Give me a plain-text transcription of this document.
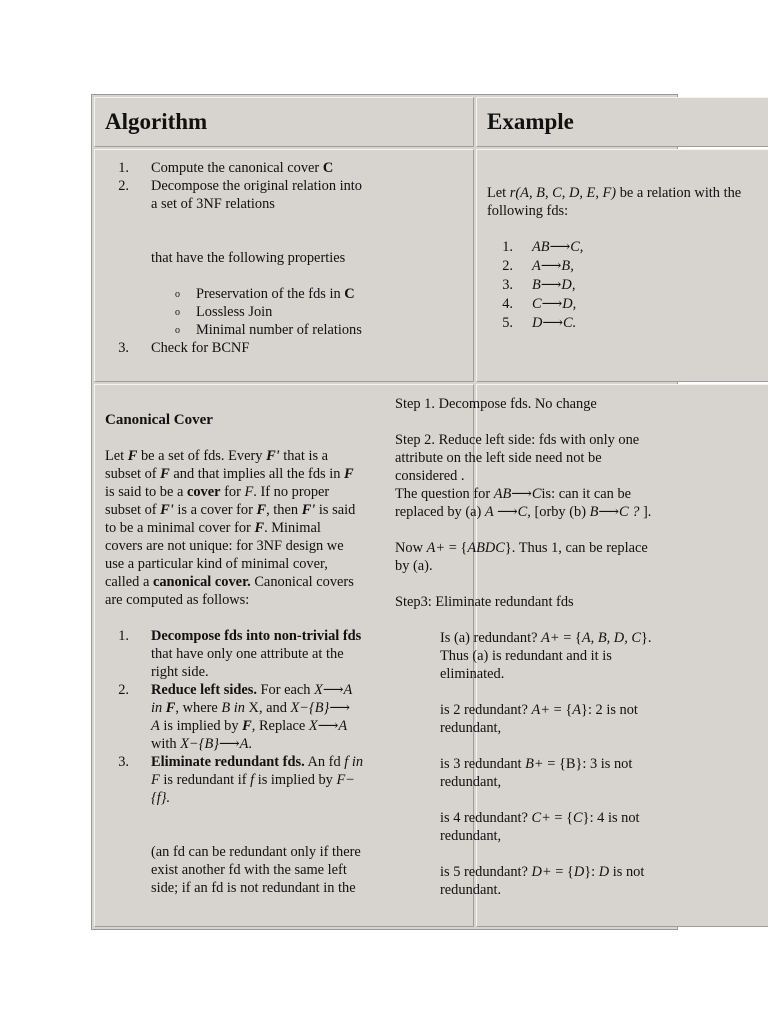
Algorithm	Example
1. Compute the canonical cover C

2. Decompose the original relation into

a set of 3NF relations

that have the following properties

o Preservation of the fds in C

o Lossless Join

o Minimal number of relations

3. Check for BCNF

Let r(A, B, C, D, E, F) be a relation with the

following fds:

1. AB⟶C,

2. A⟶B,

3. B⟶D,

4. C⟶D,

5. D⟶C.

Canonical Cover

Let F be a set of fds. Every F' that is a

subset of F and that implies all the fds in F

is said to be a cover for F. If no proper

subset of F' is a cover for F, then F' is said

to be a minimal cover for F. Minimal

covers are not unique: for 3NF design we

use a particular kind of minimal cover,

called a canonical cover. Canonical covers

are computed as follows:

1. Decompose fds into non-trivial fds

that have only one attribute at the

right side.

2. Reduce left sides. For each X⟶A

in F, where B in X, and X−{B}⟶

A is implied by F, Replace X⟶A

with X−{B}⟶A.

3. Eliminate redundant fds. An fd f in

F is redundant if f is implied by F−

{f}.

(an fd can be redundant only if there

exist another fd with the same left

side; if an fd is not redundant in the

Step 1. Decompose fds. No change

Step 2. Reduce left side: fds with only one

attribute on the left side need not be

considered .

The question for AB⟶Cis: can it can be

replaced by (a) A ⟶C, [orby (b) B⟶C ? ].

Now A+ = {ABDC}. Thus 1, can be replace

by (a).

Step3: Eliminate redundant fds

Is (a) redundant? A+ = {A, B, D, C}.

Thus (a) is redundant and it is

eliminated.

is 2 redundant? A+ = {A}: 2 is not

redundant,

is 3 redundant B+ = {B}: 3 is not

redundant,

is 4 redundant? C+ = {C}: 4 is not

redundant,

is 5 redundant? D+ = {D}: D is not

redundant.
